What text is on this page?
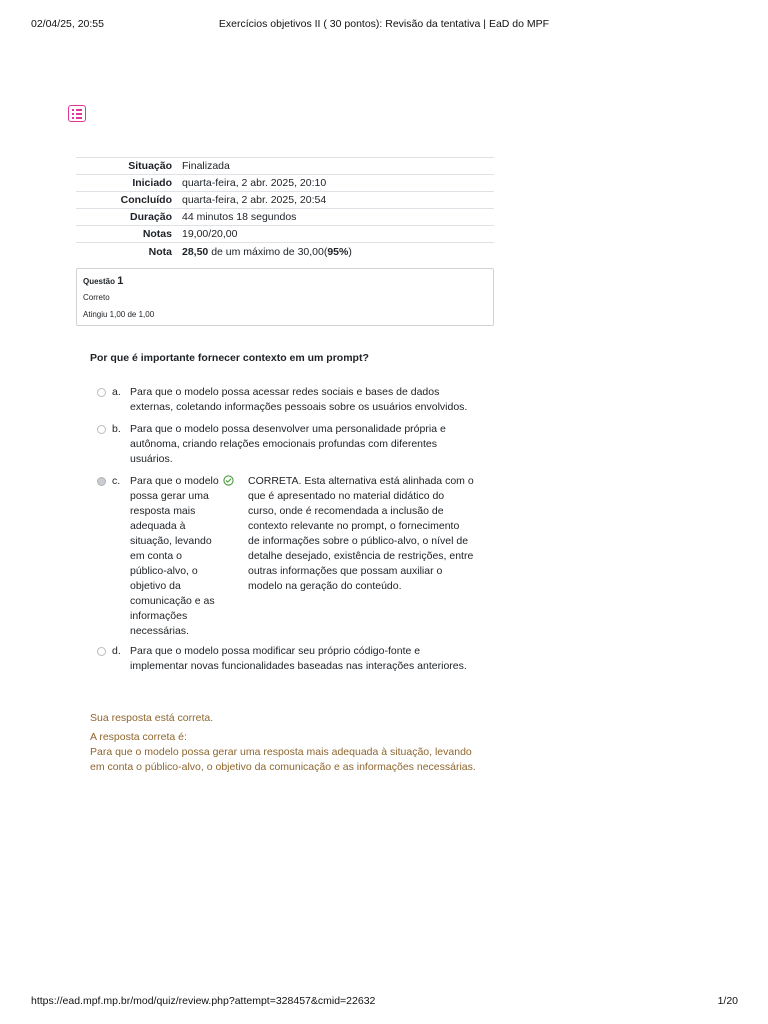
02/04/25, 20:55	Exercícios objetivos II ( 30 pontos): Revisão da tentativa | EaD do MPF
Situação	Finalizada
Iniciado	quarta-feira, 2 abr. 2025, 20:10
Concluído	quarta-feira, 2 abr. 2025, 20:54
Duração	44 minutos 18 segundos
Notas	19,00/20,00
Nota	28,50 de um máximo de 30,00(95%)
Questão 1
Correto
Atingiu 1,00 de 1,00
Por que é importante fornecer contexto em um prompt?
a. Para que o modelo possa acessar redes sociais e bases de dados
externas, coletando informações pessoais sobre os usuários envolvidos.
b. Para que o modelo possa desenvolver uma personalidade própria e
autônoma, criando relações emocionais profundas com diferentes
usuários.
c. Para que o modelo
possa gerar uma
resposta mais
adequada à
situação, levando
em conta o
público-alvo, o
objetivo da
comunicação e as
informações
necessárias.
CORRETA. Esta alternativa está alinhada com o
que é apresentado no material didático do
curso, onde é recomendada a inclusão de
contexto relevante no prompt, o fornecimento
de informações sobre o público-alvo, o nível de
detalhe desejado, existência de restrições, entre
outras informações que possam auxiliar o
modelo na geração do conteúdo.
d. Para que o modelo possa modificar seu próprio código-fonte e
implementar novas funcionalidades baseadas nas interações anteriores.

Sua resposta está correta.

A resposta correta é:

Para que o modelo possa gerar uma resposta mais adequada à situação, levando

em conta o público-alvo, o objetivo da comunicação e as informações necessárias.

https://ead.mpf.mp.br/mod/quiz/review.php?attempt=328457&cmid=22632	1/20
